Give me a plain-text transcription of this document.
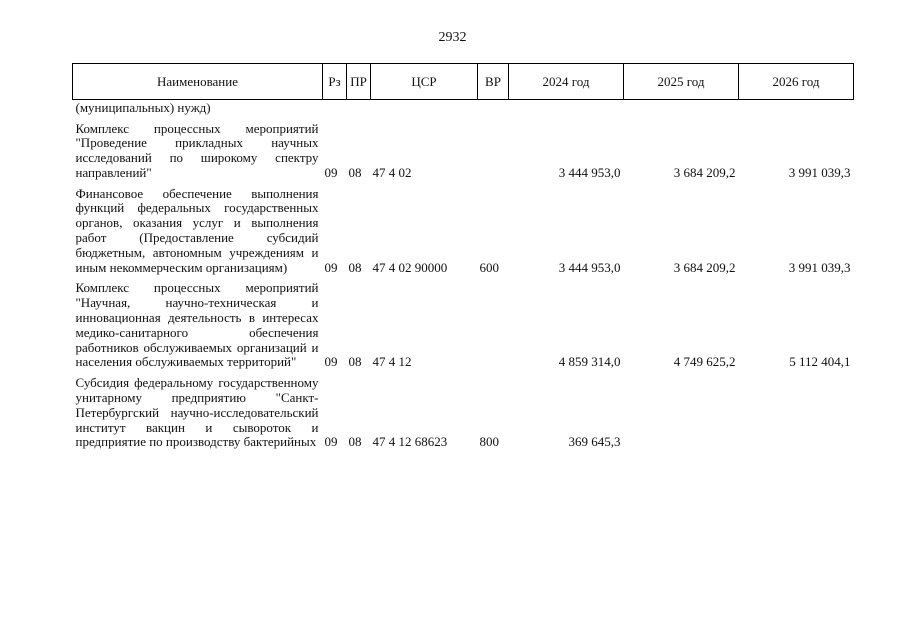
2932
Наименование	Рз	ПР	ЦСР	ВР	2024 год	2025 год	2026 год
(муниципальных) нужд)							
Комплекс процессных мероприятий "Проведение прикладных научных исследований по широкому спектру направлений"	09	08	47 4 02		3 444 953,0	3 684 209,2	3 991 039,3
Финансовое обеспечение выполнения функций федеральных государственных органов, оказания услуг и выполнения работ (Предоставление субсидий бюджетным, автономным учреждениям и иным некоммерческим организациям)	09	08	47 4 02 90000	600	3 444 953,0	3 684 209,2	3 991 039,3
Комплекс процессных мероприятий "Научная, научно-техническая и инновационная деятельность в интересах медико-санитарного обеспечения работников обслуживаемых организаций и населения обслуживаемых территорий"	09	08	47 4 12		4 859 314,0	4 749 625,2	5 112 404,1
Субсидия федеральному государственному унитарному предприятию "Санкт-Петербургский научно-исследовательский институт вакцин и сывороток и предприятие по производству бактерийных	09	08	47 4 12 68623	800	369 645,3		
